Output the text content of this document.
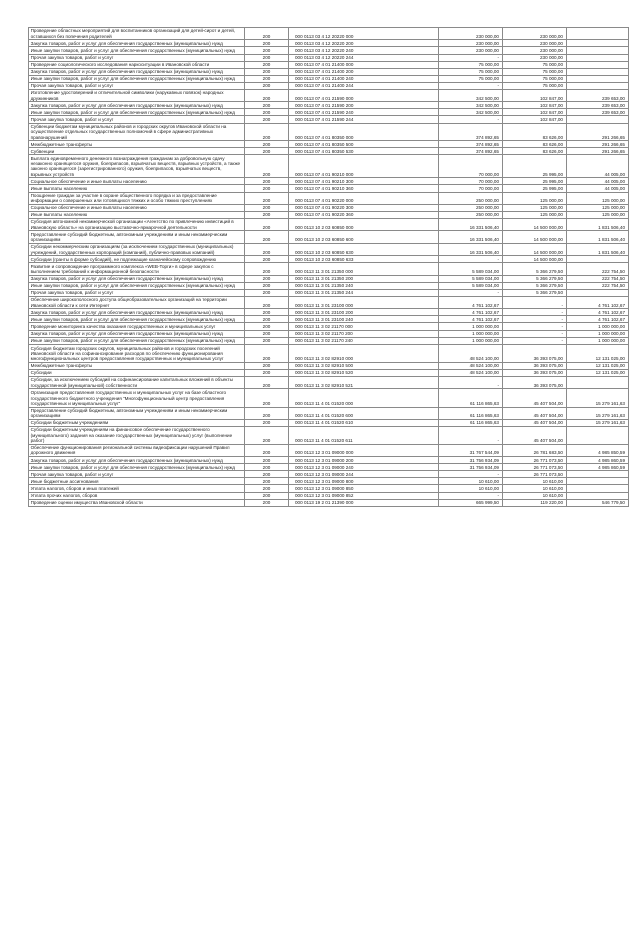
Проведение областных мероприятий для воспитанников организаций для детей-сирот и детей, оставшихся без попечения родителей	200	000 0113 03 4 12 20220 000	230 000,00	230 000,00	
Закупка товаров, работ и услуг для обеспечения государственных (муниципальных) нужд	200	000 0113 03 4 12 20220 200	230 000,00	230 000,00	
Иные закупки товаров, работ и услуг для обеспечения государственных (муниципальных) нужд	200	000 0113 03 4 12 20220 240	230 000,00	230 000,00	
Прочая закупка товаров, работ и услуг	200	000 0113 03 4 12 20220 244	-	230 000,00	
Проведение социологического исследования наркоситуации в Ивановской области	200	000 0113 07 4 01 21400 000	75 000,00	75 000,00	
Закупка товаров, работ и услуг для обеспечения государственных (муниципальных) нужд	200	000 0113 07 4 01 21400 200	75 000,00	75 000,00	
Иные закупки товаров, работ и услуг для обеспечения государственных (муниципальных) нужд	200	000 0113 07 4 01 21400 240	75 000,00	75 000,00	
Прочая закупка товаров, работ и услуг	200	000 0113 07 4 01 21400 244	-	75 000,00	
Изготовление удостоверений и отличительной символики (нарукавных повязок) народных дружинников	200	000 0113 07 4 01 21590 000	342 500,00	102 847,00	239 653,00
Закупка товаров, работ и услуг для обеспечения государственных (муниципальных) нужд	200	000 0113 07 4 01 21590 200	342 500,00	102 847,00	239 653,00
Иные закупки товаров, работ и услуг для обеспечения государственных (муниципальных) нужд	200	000 0113 07 4 01 21590 240	342 500,00	102 847,00	239 653,00
Прочая закупка товаров, работ и услуг	200	000 0113 07 4 01 21590 244	-	102 847,00	
Субвенции бюджетам муниципальных районов и городских округов Ивановской области на осуществление отдельных государственных полномочий в сфере административных правонарушений	200	000 0113 07 4 01 80350 000	374 892,65	83 626,00	291 266,65
Межбюджетные трансферты	200	000 0113 07 4 01 80350 500	374 892,65	83 626,00	291 266,65
Субвенции	200	000 0113 07 4 01 80350 530	374 892,65	83 626,00	291 266,65
Выплата единовременного денежного вознаграждения гражданам за добровольную сдачу незаконно хранящегося оружия, боеприпасов, взрывчатых веществ, взрывных устройств, а также законно хранящегося (зарегистрированного) оружия, боеприпасов, взрывчатых веществ, взрывных устройств	200	000 0113 07 4 01 90210 000	70 000,00	25 995,00	44 005,00
Социальное обеспечение и иные выплаты населению	200	000 0113 07 4 01 90210 300	70 000,00	25 995,00	44 005,00
Иные выплаты населению	200	000 0113 07 4 01 90210 360	70 000,00	25 995,00	44 005,00
Поощрение граждан за участие в охране общественного порядка и за предоставление информации о совершенных или готовящихся тяжких и особо тяжких преступлениях	200	000 0113 07 4 01 90220 000	250 000,00	125 000,00	125 000,00
Социальное обеспечение и иные выплаты населению	200	000 0113 07 4 01 90220 300	250 000,00	125 000,00	125 000,00
Иные выплаты населению	200	000 0113 07 4 01 90220 360	250 000,00	125 000,00	125 000,00
Субсидия автономной некоммерческой организации «Агентство по привлечению инвестиций в Ивановскую область» на организацию выставочно-ярмарочной деятельности	200	000 0113 10 2 03 60850 000	16 331 506,40	14 500 000,00	1 831 506,40
Предоставление субсидий бюджетным, автономным учреждениям и иным некоммерческим организациям	200	000 0113 10 2 03 60850 600	16 331 506,40	14 500 000,00	1 831 506,40
Субсидии некоммерческим организациям (за исключением государственных (муниципальных) учреждений, государственных корпораций (компаний), публично-правовых компаний)	200	000 0113 10 2 03 60850 630	16 331 506,40	14 500 000,00	1 831 506,40
Субсидии (гранты в форме субсидий), не подлежащие казначейскому сопровождению	200	000 0113 10 2 03 60850 633	-	14 500 000,00	
Развитие и сопровождение программного комплекса «WEB-Торги» в сфере закупок с выполнением требований к информационной безопасности	200	000 0113 11 3 01 21350 000	5 589 034,00	5 366 279,50	222 754,50
Закупка товаров, работ и услуг для обеспечения государственных (муниципальных) нужд	200	000 0113 11 3 01 21350 200	5 589 034,00	5 366 279,50	222 754,50
Иные закупки товаров, работ и услуг для обеспечения государственных (муниципальных) нужд	200	000 0113 11 3 01 21350 240	5 589 034,00	5 366 279,50	222 754,50
Прочая закупка товаров, работ и услуг	200	000 0113 11 3 01 21350 244	-	5 366 279,50	
Обеспечение широкополосного доступа общеобразовательных организаций на территории Ивановской области к сети Интернет	200	000 0113 11 3 01 23100 000	4 761 102,67	-	4 761 102,67
Закупка товаров, работ и услуг для обеспечения государственных (муниципальных) нужд	200	000 0113 11 3 01 23100 200	4 761 102,67	-	4 761 102,67
Иные закупки товаров, работ и услуг для обеспечения государственных (муниципальных) нужд	200	000 0113 11 3 01 23100 240	4 761 102,67	-	4 761 102,67
Проведение мониторинга качества оказания государственных и муниципальных услуг	200	000 0113 11 3 02 21170 000	1 000 000,00	-	1 000 000,00
Закупка товаров, работ и услуг для обеспечения государственных (муниципальных) нужд	200	000 0113 11 3 02 21170 200	1 000 000,00	-	1 000 000,00
Иные закупки товаров, работ и услуг для обеспечения государственных (муниципальных) нужд	200	000 0113 11 3 02 21170 240	1 000 000,00	-	1 000 000,00
Субсидия бюджетам городских округов, муниципальных районов и городских поселений Ивановской области на софинансирование расходов по обеспечению функционирования многофункциональных центров предоставления государственных и муниципальных услуг	200	000 0113 11 3 02 82910 000	48 524 100,00	36 393 075,00	12 131 025,00
Межбюджетные трансферты	200	000 0113 11 3 02 82910 500	48 524 100,00	36 393 075,00	12 131 025,00
Субсидии	200	000 0113 11 3 02 82910 520	48 524 100,00	36 393 075,00	12 131 025,00
Субсидии, за исключением субсидий на софинансирование капитальных вложений в объекты государственной (муниципальной) собственности	200	000 0113 11 3 02 82910 521	-	36 393 075,00	
Организация предоставления государственных и муниципальных услуг на базе областного государственного бюджетного учреждения "Многофункциональный центр предоставления государственных и муниципальных услуг"	200	000 0113 11 4 01 01520 000	61 116 865,63	45 407 504,00	15 279 161,63
Предоставление субсидий бюджетным, автономным учреждениям и иным некоммерческим организациям	200	000 0113 11 4 01 01520 600	61 116 865,63	45 407 504,00	15 279 161,63
Субсидии бюджетным учреждениям	200	000 0113 11 4 01 01520 610	61 116 865,63	45 407 504,00	15 279 161,63
Субсидии бюджетным учреждениям на финансовое обеспечение государственного (муниципального) задания на оказание государственных (муниципальных) услуг (выполнение работ)	200	000 0113 11 4 01 01520 611	-	45 407 504,00	
Обеспечение функционирования региональной системы видеофиксации нарушений Правил дорожного движения	200	000 0113 12 3 01 09000 000	31 767 544,09	26 781 683,50	4 985 850,59
Закупка товаров, работ и услуг для обеспечения государственных (муниципальных) нужд	200	000 0113 12 3 01 09000 200	31 756 934,09	26 771 073,50	4 985 860,59
Иные закупки товаров, работ и услуг для обеспечения государственных (муниципальных) нужд	200	000 0113 12 3 01 09000 240	31 756 934,09	26 771 073,50	4 985 860,59
Прочая закупка товаров, работ и услуг	200	000 0113 12 3 01 09000 244	-	26 771 073,50	
Иные бюджетные ассигнования	200	000 0113 12 3 01 09000 800	10 610,00	10 610,00	
Уплата налогов, сборов и иных платежей	200	000 0113 12 3 01 09000 850	10 610,00	10 610,00	
Уплата прочих налогов, сборов	200	000 0113 12 3 01 09000 852	-	10 610,00	
Проведение оценки имущества Ивановской области	200	000 0113 19 2 01 21390 000	665 999,50	119 220,00	546 779,50
